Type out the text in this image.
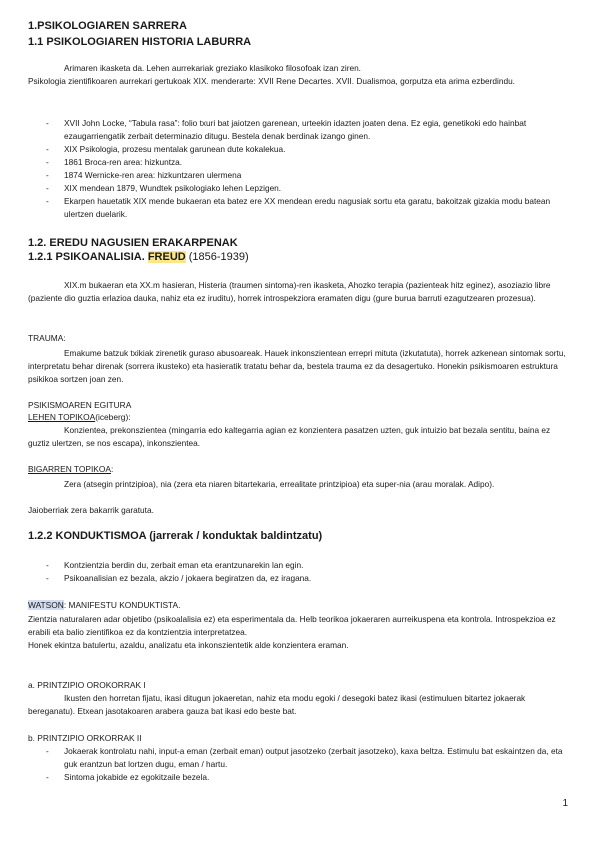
1.PSIKOLOGIAREN SARRERA
1.1 PSIKOLOGIAREN HISTORIA LABURRA

Arimaren ikasketa da. Lehen aurrekariak greziako klasikoko filosofoak izan ziren.

Psikologia zientifikoaren aurrekari gertukoak XIX. menderarte: XVII Rene Decartes. XVII. Dualismoa, gorputza eta arima ezberdindu.

- XVII John Locke, “Tabula rasa”: folio txuri bat jaiotzen garenean, urteekin idazten joaten dena. Ez egia, genetikoki edo hainbat ezaugarriengatik zerbait determinazio ditugu. Bestela denak berdinak izango ginen.
- XIX Psikologia, prozesu mentalak garunean dute kokalekua.
- 1861 Broca-ren area: hizkuntza.
- 1874 Wernicke-ren area: hizkuntzaren ulermena
- XIX mendean 1879, Wundtek psikologiako lehen Lepzigen.
- Ekarpen hauetatik XIX mende bukaeran eta batez ere XX mendean eredu nagusiak sortu eta garatu, bakoitzak gizakia modu batean ulertzen duelarik.
1.2. EREDU NAGUSIEN ERAKARPENAK
1.2.1 PSIKOANALISIA. FREUD (1856-1939)

XIX.m bukaeran eta XX.m hasieran, Histeria (traumen sintoma)-ren ikasketa, Ahozko terapia (pazienteak hitz eginez), asoziazio libre (paziente dio guztia erlazioa dauka, nahiz eta ez iruditu), horrek introspekziora eramaten digu (gure burua barruti ezagutzearen prozesua).

TRAUMA:

Emakume batzuk txikiak zirenetik guraso abusoareak. Hauek inkonszientean errepri mituta (izkutatuta), horrek azkenean sintomak sortu, interpretatu behar direnak (sorrera ikusteko) eta hasieratik tratatu behar da, bestela trauma ez da desagertuko. Honekin psikismoaren estruktura psikikoa sortzen joan zen.

PSIKISMOAREN EGITURA

LEHEN TOPIKOA(iceberg):

Konzientea, prekonszientea (mingarria edo kaltegarria agian ez konzientera pasatzen uzten, guk intuizio bat bezala sentitu, baina ez guztiz ulertzen, se nos escapa), inkonszientea.

BIGARREN TOPIKOA:

Zera (atsegin printzipioa), nia (zera eta niaren bitartekaria, errealitate printzipioa) eta super-nia (arau moralak. Adipo).

Jaioberriak zera bakarrik garatuta.

1.2.2 KONDUKTISMOA (jarrerak / konduktak baldintzatu)
- Kontzientzia berdin du, zerbait eman eta erantzunarekin lan egin.
- Psikoanalisian ez bezala, akzio / jokaera begiratzen da, ez iragana.

WATSON: MANIFESTU KONDUKTISTA.

Zientzia naturalaren adar objetibo (psikoalalisia ez) eta esperimentala da. Helb teorikoa jokaeraren aurreikuspena eta kontrola. Introspekzioa ez erabili eta balio zientifikoa ez da kontzientzia interpretatzea.

Honek ekintza batulertu, azaldu, analizatu eta inkonszientetik alde konzientera eraman.

a. PRINTZIPIO OROKORRAK I

Ikusten den horretan fijatu, ikasi ditugun jokaeretan, nahiz eta modu egoki / desegoki batez ikasi (estimuluen bitartez jokaerak bereganatu). Etxean jasotakoaren arabera gauza bat ikasi edo beste bat.

b. PRINTZIPIO ORKORRAK II

- Jokaerak kontrolatu nahi, input-a eman (zerbait eman) output jasotzeko (zerbait jasotzeko), kaxa beltza. Estimulu bat eskaintzen da, eta guk erantzun bat lortzen dugu, eman / hartu.
- Sintoma jokabide ez egokitzaile bezela.
1
